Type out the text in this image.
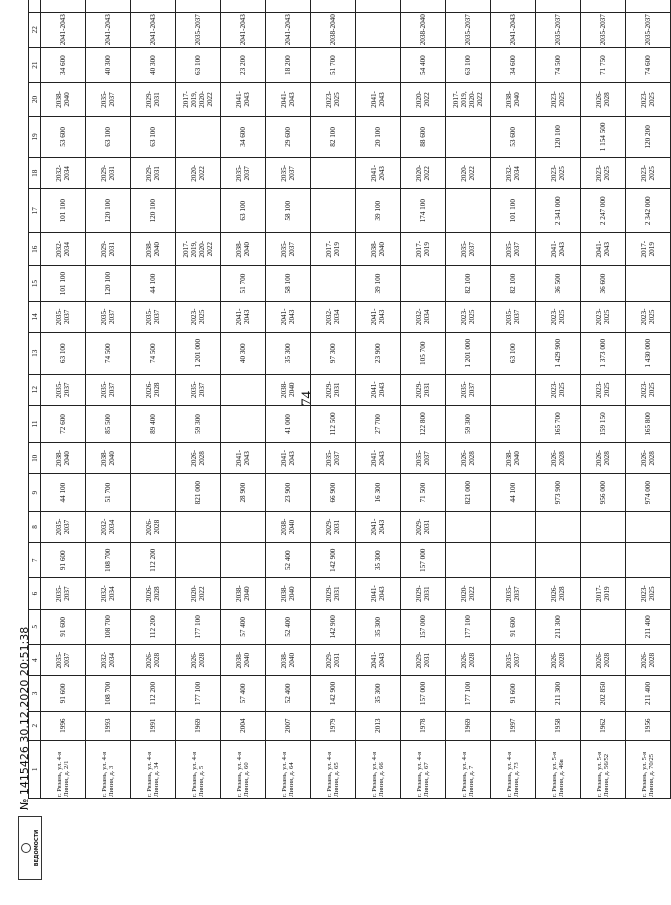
74
ВЕДОМОСТИ
№ 1415426 30.12.2020 20:51:38 1	2	3	4	5	6	7	8	9	10	11	12	13	14	15	16	17	18	19	20	21	22		
г. Рязань, ул. 4-я Линия, д. 2/1	1996	91 600	2035-2037	91 600	2035-2037	91 600	2035-2037	44 100	2038-2040	72 600	2035-2037	63 100	2035-2037	101 100	2032-2034	101 100	2032-2034	53 600	2038-2040	34 600	2041-2043		
г. Рязань, ул. 4-я Линия, д. 3	1993	108 700	2032-2034	108 700	2032-2034	108 700	2032-2034	51 700	2038-2040	85 500	2035-2037	74 500	2035-2037	120 100	2029-2031	120 100	2029-2031	63 100	2035-2037	40 300	2041-2043		
г. Рязань, ул. 4-я Линия, д. 34	1991	112 200	2026-2028	112 200	2026-2028	112 200	2026-2028			89 400	2026-2028	74 500	2035-2037	44 100	2038-2040	120 100	2029-2031	63 100	2029-2031	40 300	2041-2043		
г. Рязань, ул. 4-я Линия, д. 5	1969	177 100	2026-2028	177 100	2020-2022			821 000	2026-2028	59 300	2035-2037	1 201 000	2023-2025		2017-2019, 2020-2022		2020-2022		2017-2019, 2020-2022	63 100	2035-2037		
г. Рязань, ул. 4-я Линия, д. 60	2004	57 400	2038-2040	57 400	2038-2040			28 900	2041-2043			40 300	2041-2043	51 700	2038-2040	63 100	2035-2037	34 600	2041-2043	23 200	2041-2043		
г. Рязань, ул. 4-я Линия, д. 64	2007	52 400	2038-2040	52 400	2038-2040	52 400	2038-2040	23 900	2041-2043	41 000	2038-2040	35 300	2041-2043	58 100	2035-2037	58 100	2035-2037	29 600	2041-2043	18 200	2041-2043		
г. Рязань, ул. 4-я Линия, д. 65	1979	142 900	2029-2031	142 900	2029-2031	142 900	2029-2031	66 900	2035-2037	112 500	2029-2031	97 300	2032-2034		2017-2019			82 100	2023-2025	51 700	2038-2040		
г. Рязань, ул. 4-я Линия, д. 66	2013	35 300	2041-2043	35 300	2041-2043	35 300	2041-2043	16 300	2041-2043	27 700	2041-2043	23 900	2041-2043	39 100	2038-2040	39 100	2041-2043	20 100	2041-2043				
г. Рязань, ул. 4-я Линия, д. 67	1978	157 000	2029-2031	157 000	2029-2031	157 000	2029-2031	71 500	2035-2037	122 800	2029-2031	105 700	2032-2034		2017-2019	174 100	2020-2022	88 600	2020-2022	54 400	2038-2040		
г. Рязань, ул. 4-я Линия, д. 7	1969	177 100	2026-2028	177 100	2020-2022			821 000	2026-2028	59 300	2035-2037	1 201 000	2023-2025	82 100	2035-2037		2020-2022		2017-2019, 2020-2022	63 100	2035-2037		
г. Рязань, ул. 4-я Линия, д. 73	1997	91 600	2035-2037	91 600	2035-2037			44 100	2038-2040			63 100	2035-2037	82 100	2035-2037	101 100	2032-2034	53 600	2038-2040	34 600	2041-2043		
г. Рязань, ул. 5-я Линия, д. 46в	1958	211 300	2026-2028	211 300	2026-2028			973 900	2026-2028	165 700	2023-2025	1 429 900	2023-2025	36 500	2041-2043	2 341 000	2023-2025	120 100	2023-2025	74 500	2035-2037		
г. Рязань, ул. 5-я Линия, д. 56/52	1962	202 850	2026-2028		2017-2019			956 000	2026-2028	159 150	2023-2025	1 373 000	2023-2025	36 600	2041-2043	2 247 000	2023-2025	1 154 500	2026-2028	71 750	2035-2037		
г. Рязань, ул. 5-я Линия, д. 70/25	1956	211 400	2026-2028	211 400	2023-2025			974 000	2026-2028	165 800	2023-2025	1 430 000	2023-2025		2017-2019	2 342 000	2023-2025	120 200	2023-2025	74 600	2035-2037		
